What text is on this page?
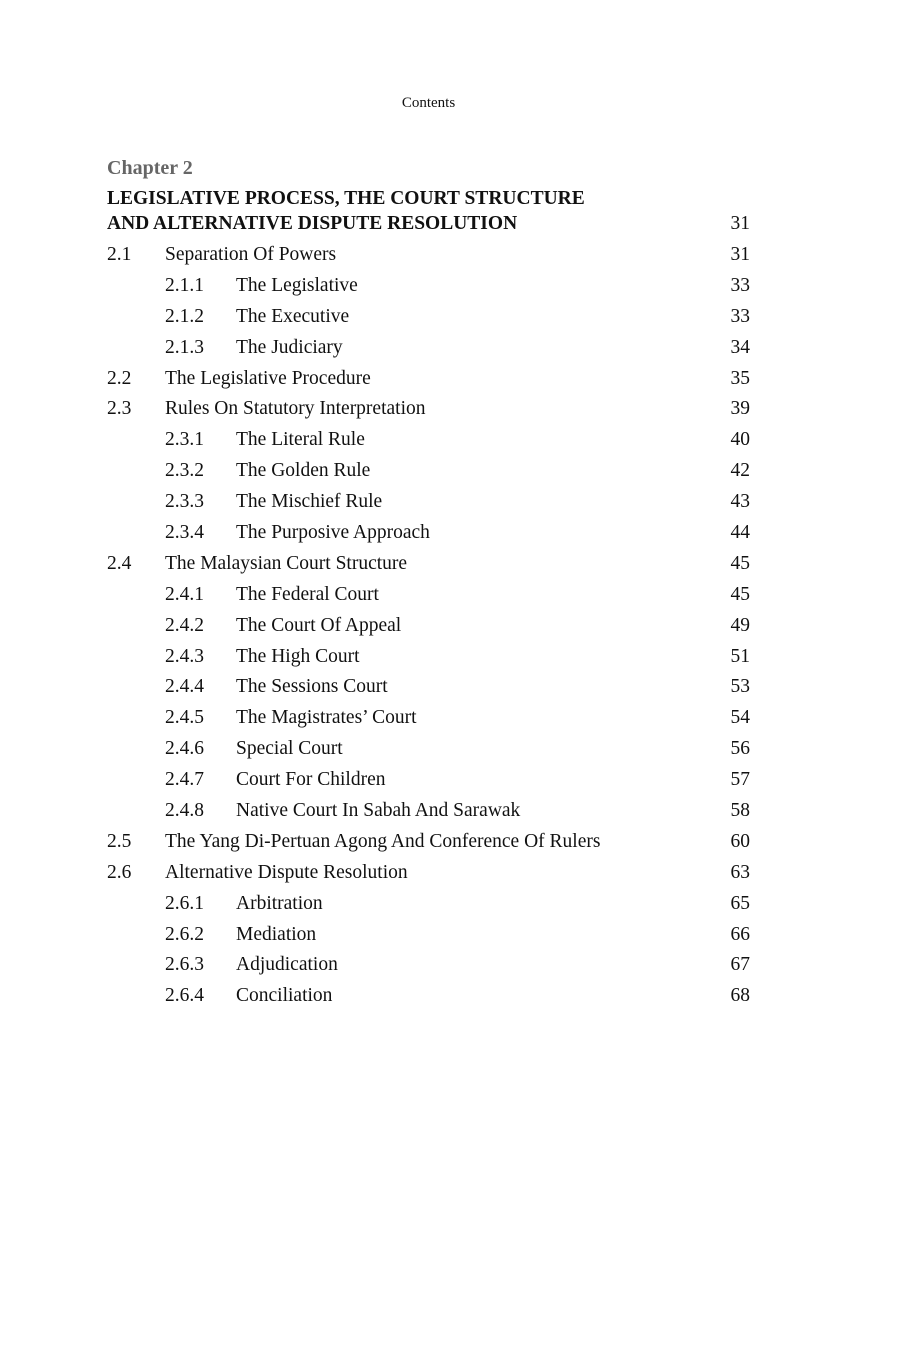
Contents
Chapter 2
LEGISLATIVE PROCESS, THE COURT STRUCTURE
AND ALTERNATIVE DISPUTE RESOLUTION	31
2.1 Separation Of Powers	31
2.1.1 The Legislative	33
2.1.2 The Executive	33
2.1.3 The Judiciary	34
2.2 The Legislative Procedure	35
2.3 Rules On Statutory Interpretation	39
2.3.1 The Literal Rule	40
2.3.2 The Golden Rule	42
2.3.3 The Mischief Rule	43
2.3.4 The Purposive Approach	44
2.4 The Malaysian Court Structure	45
2.4.1 The Federal Court	45
2.4.2 The Court Of Appeal	49
2.4.3 The High Court	51
2.4.4 The Sessions Court	53
2.4.5 The Magistrates’ Court	54
2.4.6 Special Court	56
2.4.7 Court For Children	57
2.4.8 Native Court In Sabah And Sarawak	58
2.5 The Yang Di-Pertuan Agong And Conference Of Rulers	60
2.6 Alternative Dispute Resolution	63
2.6.1 Arbitration	65
2.6.2 Mediation	66
2.6.3 Adjudication	67
2.6.4 Conciliation	68
